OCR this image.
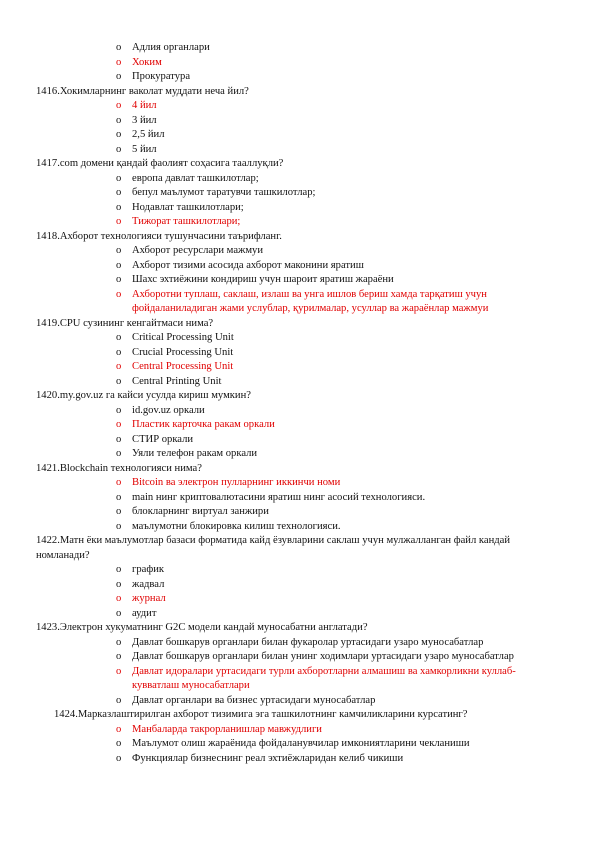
o	Адлия органлари
o	Хоким
o	Прокуратура
1416.Хокимларнинг ваколат муддати неча йил?
o	4 йил
o	3 йил
o	2,5 йил
o	5 йил
1417.com домени қандай фаолият соҳасига тааллуқли?
o	европа давлат ташкилотлар;
o	бепул маълумот таратувчи ташкилотлар;
o	Нодавлат ташкилотлари;
o	Тижорат ташкилотлари;
1418.Ахборот технологияси тушунчасини таърифланг.
o	Ахборот ресурслари мажмуи
o	Ахборот тизими асосида ахборот маконини яратиш
o	Шахс эхтиёжини кондириш учун шароит яратиш жараёни
o	Ахборотни туплаш, саклаш, излаш ва унга ишлов бериш хамда тарқатиш учун фойдаланиладиган жами услублар, қурилмалар, усуллар ва жараёнлар мажмуи
1419.CPU сузининг кенгайтмаси нима?
o	Critical Processing Unit
o	Crucial Processing Unit
o	Central Processing Unit
o	Central Printing Unit
1420.my.gov.uz га кайси усулда кириш мумкин?
o	id.gov.uz оркали
o	Пластик карточка ракам оркали
o	СТИР оркали
o	Уяли телефон ракам оркали
1421.Blockchain технологияси нима?
o	Bitcoin ва электрон пулларнинг иккинчи номи
o	main нинг криптовалютасини яратиш нинг асосий технологияси.
o	блокларнинг виртуал занжири
o	маълумотни блокировка килиш технологияси.
1422.Матн ёки маълумотлар базаси форматида кайд ёзувларини саклаш учун мулжалланган файл кандай номланади?
o	график
o	жадвал
o	журнал
o	аудит
1423.Электрон хукуматнинг G2C модели кандай муносабатни англатади?
o	Давлат бошкарув органлари билан фукаролар уртасидаги узаро муносабатлар
o	Давлат бошкарув органлари билан унинг ходимлари уртасидаги узаро муносабатлар
o	Давлат идоралари уртасидаги турли ахборотларни алмашиш ва хамкорликни куллаб-кувватлаш муносабатлари
o	Давлат органлари ва бизнес уртасидаги муносабатлар
1424.Марказлаштирилган ахборот тизимига эга ташкилотнинг камчиликларини курсатинг?
o	Манбаларда такрорланишлар мавжудлиги
o	Маълумот олиш жараёнида фойдаланувчилар имкониятларини чекланиши
o	Функциялар бизнеснинг реал эхтиёжларидан келиб чикиши
